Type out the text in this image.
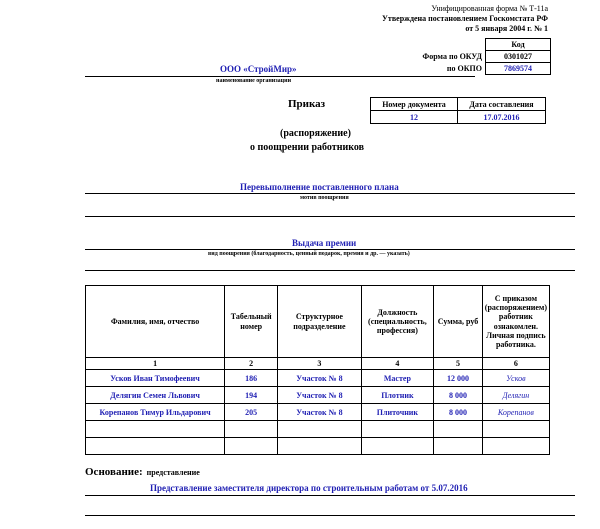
Унифицированная форма № Т-11а
Утверждена постановлением Госкомстата РФ
от 5 января 2004 г. № 1
	Код
Форма по ОКУД	0301027
по ОКПО	7869574
ООО «СтройМир»
наименование организации
Приказ	Номер документа	Дата составления
12	17.07.2016
(распоряжение)
о поощрении работников
Перевыполнение поставленного плана
мотив поощрения
Выдача премии
вид поощрения (благодарность, ценный подарок, премия и др. — указать)
Фамилия, имя, отчество	Табельный номер	Структурное подразделение	Должность (специальность, профессия)	Сумма, руб	С приказом (распоряжением) работник ознакомлен. Личная подпись работника.
1	2	3	4	5	6
Усков Иван Тимофеевич	186	Участок № 8	Мастер	12 000	Усков
Делягин Семен Львович	194	Участок № 8	Плотник	8 000	Делягин
Корепанов Тимур Ильдарович	205	Участок № 8	Плиточник	8 000	Корепанов

Основание: представление
Представление заместителя директора по строительным работам от 5.07.2016
